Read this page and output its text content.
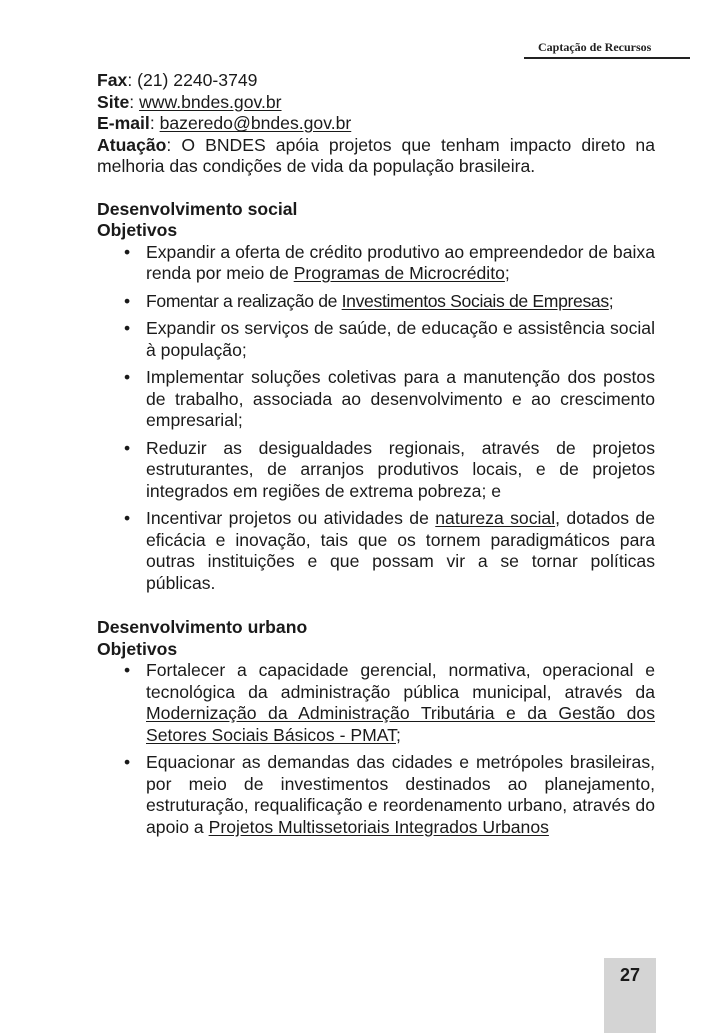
Captação de Recursos

Fax: (21) 2240-3749

Site: www.bndes.gov.br

E-mail: bazeredo@bndes.gov.br

Atuação: O BNDES apóia projetos que tenham impacto direto na melhoria das condições de vida da população brasileira.

Desenvolvimento social

Objetivos

• Expandir a oferta de crédito produtivo ao empreendedor de baixa renda por meio de Programas de Microcrédito;
• Fomentar a realização de Investimentos Sociais de Empresas;
• Expandir os serviços de saúde, de educação e assistência social à população;
• Implementar soluções coletivas para a manutenção dos postos de trabalho, associada ao desenvolvimento e ao crescimento empresarial;
• Reduzir as desigualdades regionais, através de projetos estruturantes, de arranjos produtivos locais, e de projetos integrados em regiões de extrema pobreza; e
• Incentivar projetos ou atividades de natureza social, dotados de eficácia e inovação, tais que os tornem paradigmáticos para outras instituições e que possam vir a se tornar políticas públicas.

Desenvolvimento urbano

Objetivos

• Fortalecer a capacidade gerencial, normativa, operacional e tecnológica da administração pública municipal, através da Modernização da Administração Tributária e da Gestão dos Setores Sociais Básicos - PMAT;
• Equacionar as demandas das cidades e metrópoles brasileiras, por meio de investimentos destinados ao planejamento, estruturação, requalificação e reordenamento urbano, através do apoio a Projetos Multissetoriais Integrados Urbanos
27
